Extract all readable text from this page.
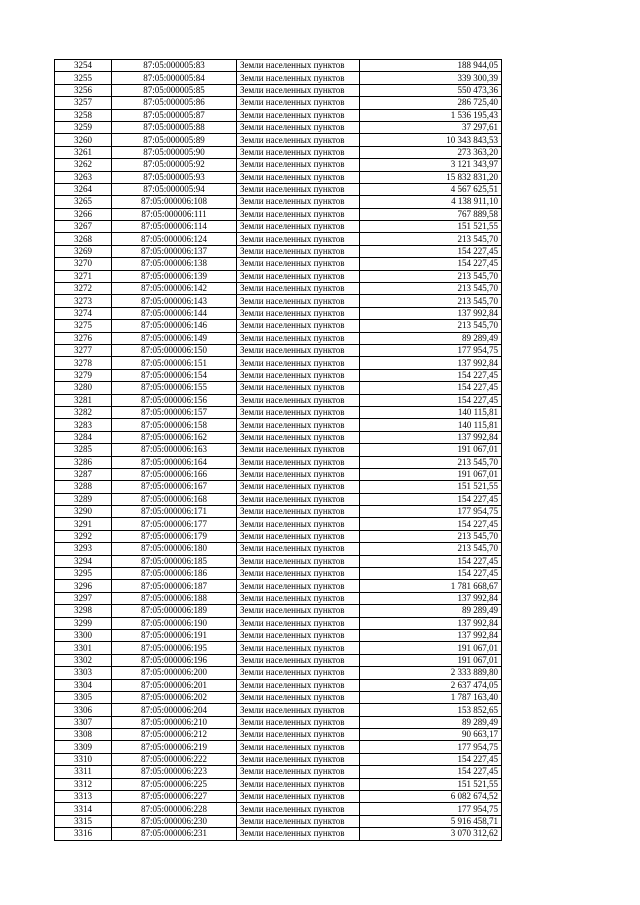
3254	87:05:000005:83	Земли населенных пунктов	188 944,05
3255	87:05:000005:84	Земли населенных пунктов	339 300,39
3256	87:05:000005:85	Земли населенных пунктов	550 473,36
3257	87:05:000005:86	Земли населенных пунктов	286 725,40
3258	87:05:000005:87	Земли населенных пунктов	1 536 195,43
3259	87:05:000005:88	Земли населенных пунктов	37 297,61
3260	87:05:000005:89	Земли населенных пунктов	10 343 843,53
3261	87:05:000005:90	Земли населенных пунктов	273 363,20
3262	87:05:000005:92	Земли населенных пунктов	3 121 343,97
3263	87:05:000005:93	Земли населенных пунктов	15 832 831,20
3264	87:05:000005:94	Земли населенных пунктов	4 567 625,51
3265	87:05:000006:108	Земли населенных пунктов	4 138 911,10
3266	87:05:000006:111	Земли населенных пунктов	767 889,58
3267	87:05:000006:114	Земли населенных пунктов	151 521,55
3268	87:05:000006:124	Земли населенных пунктов	213 545,70
3269	87:05:000006:137	Земли населенных пунктов	154 227,45
3270	87:05:000006:138	Земли населенных пунктов	154 227,45
3271	87:05:000006:139	Земли населенных пунктов	213 545,70
3272	87:05:000006:142	Земли населенных пунктов	213 545,70
3273	87:05:000006:143	Земли населенных пунктов	213 545,70
3274	87:05:000006:144	Земли населенных пунктов	137 992,84
3275	87:05:000006:146	Земли населенных пунктов	213 545,70
3276	87:05:000006:149	Земли населенных пунктов	89 289,49
3277	87:05:000006:150	Земли населенных пунктов	177 954,75
3278	87:05:000006:151	Земли населенных пунктов	137 992,84
3279	87:05:000006:154	Земли населенных пунктов	154 227,45
3280	87:05:000006:155	Земли населенных пунктов	154 227,45
3281	87:05:000006:156	Земли населенных пунктов	154 227,45
3282	87:05:000006:157	Земли населенных пунктов	140 115,81
3283	87:05:000006:158	Земли населенных пунктов	140 115,81
3284	87:05:000006:162	Земли населенных пунктов	137 992,84
3285	87:05:000006:163	Земли населенных пунктов	191 067,01
3286	87:05:000006:164	Земли населенных пунктов	213 545,70
3287	87:05:000006:166	Земли населенных пунктов	191 067,01
3288	87:05:000006:167	Земли населенных пунктов	151 521,55
3289	87:05:000006:168	Земли населенных пунктов	154 227,45
3290	87:05:000006:171	Земли населенных пунктов	177 954,75
3291	87:05:000006:177	Земли населенных пунктов	154 227,45
3292	87:05:000006:179	Земли населенных пунктов	213 545,70
3293	87:05:000006:180	Земли населенных пунктов	213 545,70
3294	87:05:000006:185	Земли населенных пунктов	154 227,45
3295	87:05:000006:186	Земли населенных пунктов	154 227,45
3296	87:05:000006:187	Земли населенных пунктов	1 781 668,67
3297	87:05:000006:188	Земли населенных пунктов	137 992,84
3298	87:05:000006:189	Земли населенных пунктов	89 289,49
3299	87:05:000006:190	Земли населенных пунктов	137 992,84
3300	87:05:000006:191	Земли населенных пунктов	137 992,84
3301	87:05:000006:195	Земли населенных пунктов	191 067,01
3302	87:05:000006:196	Земли населенных пунктов	191 067,01
3303	87:05:000006:200	Земли населенных пунктов	2 333 889,80
3304	87:05:000006:201	Земли населенных пунктов	2 637 474,05
3305	87:05:000006:202	Земли населенных пунктов	1 787 163,40
3306	87:05:000006:204	Земли населенных пунктов	153 852,65
3307	87:05:000006:210	Земли населенных пунктов	89 289,49
3308	87:05:000006:212	Земли населенных пунктов	90 663,17
3309	87:05:000006:219	Земли населенных пунктов	177 954,75
3310	87:05:000006:222	Земли населенных пунктов	154 227,45
3311	87:05:000006:223	Земли населенных пунктов	154 227,45
3312	87:05:000006:225	Земли населенных пунктов	151 521,55
3313	87:05:000006:227	Земли населенных пунктов	6 082 674,52
3314	87:05:000006:228	Земли населенных пунктов	177 954,75
3315	87:05:000006:230	Земли населенных пунктов	5 916 458,71
3316	87:05:000006:231	Земли населенных пунктов	3 070 312,62
